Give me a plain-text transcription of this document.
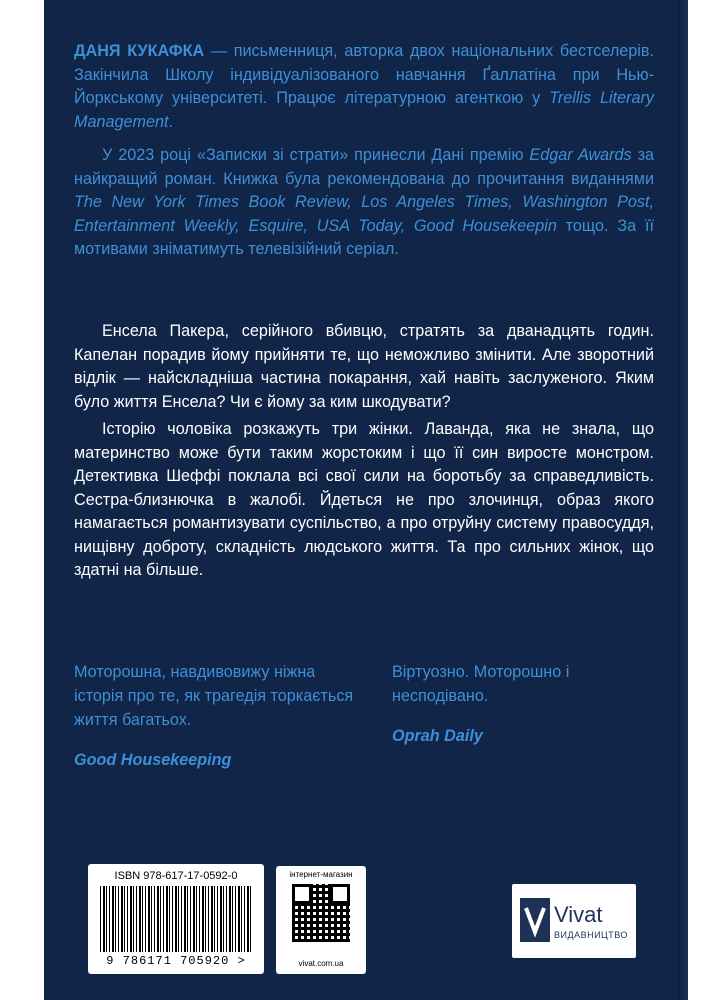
ДАНЯ КУКАФКА — письменниця, авторка двох національних бестселерів. Закінчила Школу індивідуалізованого навчання Ґаллатіна при Нью-Йоркському університеті. Працює літературною агенткою у Trellis Literary Management.

У 2023 році «Записки зі страти» принесли Дані премію Edgar Awards за найкращий роман. Книжка була рекомендована до прочитання виданнями The New York Times Book Review, Los Angeles Times, Washington Post, Entertainment Weekly, Esquire, USA Today, Good Housekeepin тощо. За її мотивами зніматимуть телевізійний серіал.

Енсела Пакера, серійного вбивцю, стратять за дванадцять годин. Капелан порадив йому прийняти те, що неможливо змінити. Але зворотний відлік — найскладніша частина покарання, хай навіть заслуженого. Яким було життя Енсела? Чи є йому за ким шкодувати?

Історію чоловіка розкажуть три жінки. Лаванда, яка не знала, що материнство може бути таким жорстоким і що її син виросте монстром. Детективка Шеффі поклала всі свої сили на боротьбу за справедливість. Сестра-близнючка в жалобі. Йдеться не про злочинця, образ якого намагається романтизувати суспільство, а про отруйну систему правосуддя, нищівну доброту, складність людського життя. Та про сильних жінок, що здатні на більше.

Моторошна, навдивовижу ніжна історія про те, як трагедія торкається життя багатьох.
Good Housekeeping
Віртуозно. Моторошно і несподівано.
Oprah Daily
ISBN 978-617-17-0592-0
9 786171 705920 >
інтернет-магазин
vivat.com.ua
Vivat
ВИДАВНИЦТВО
